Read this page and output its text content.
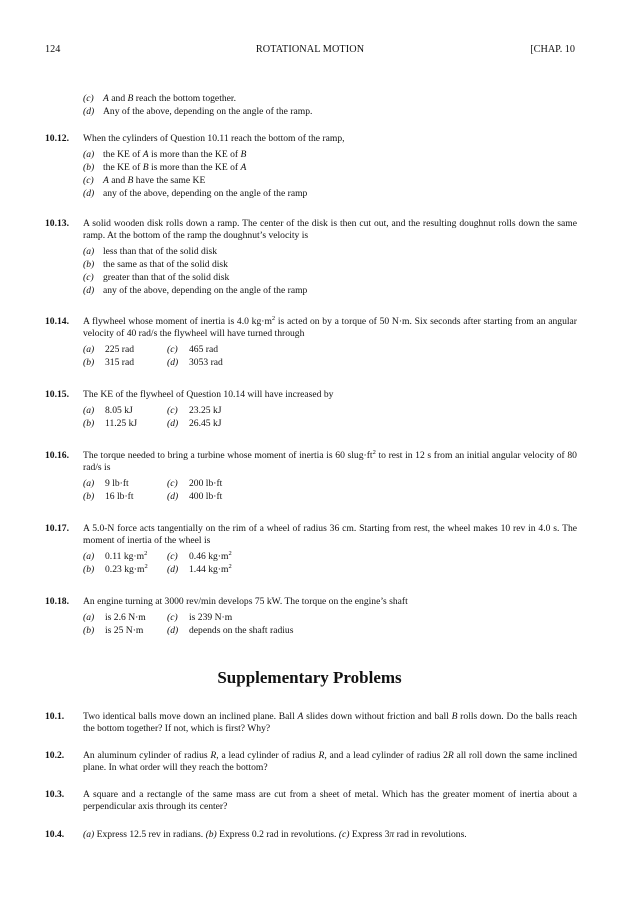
124	ROTATIONAL MOTION	[CHAP. 10
(c) A and B reach the bottom together.
(d) Any of the above, depending on the angle of the ramp.
10.12.	When the cylinders of Question 10.11 reach the bottom of the ramp,
(a) the KE of A is more than the KE of B
(b) the KE of B is more than the KE of A
(c) A and B have the same KE
(d) any of the above, depending on the angle of the ramp
10.13.	A solid wooden disk rolls down a ramp. The center of the disk is then cut out, and the resulting doughnut rolls down the same ramp. At the bottom of the ramp the doughnut’s velocity is
(a) less than that of the solid disk
(b) the same as that of the solid disk
(c) greater than that of the solid disk
(d) any of the above, depending on the angle of the ramp
10.14.	A flywheel whose moment of inertia is 4.0 $kg\cdot m^2$ is acted on by a torque of 50 N·m. Six seconds after starting from an angular velocity of 40 rad/s the flywheel will have turned through
(a) 225 rad	(c) 465 rad
(b) 315 rad	(d) 3053 rad
10.15.	The KE of the flywheel of Question 10.14 will have increased by
(a) 8.05 kJ	(c) 23.25 kJ
(b) 11.25 kJ	(d) 26.45 kJ
10.16.	The torque needed to bring a turbine whose moment of inertia is 60 $slug\cdot ft^2$ to rest in 12 s from an initial angular velocity of 80 rad/s is
(a) 9 lb·ft	(c) 200 lb·ft
(b) 16 lb·ft	(d) 400 lb·ft
10.17.	A 5.0-N force acts tangentially on the rim of a wheel of radius 36 cm. Starting from rest, the wheel makes 10 rev in 4.0 s. The moment of inertia of the wheel is
(a) 0.11 $kg\cdot m^2$ (c) 0.46 $kg\cdot m^2$
(b) 0.23 $kg\cdot m^2$ (d) 1.44 $kg\cdot m^2$
10.18.	An engine turning at 3000 rev/min develops 75 kW. The torque on the engine’s shaft
(a) is 2.6 N·m (c) is 239 N·m
(b) is 25 N·m (d) depends on the shaft radius
Supplementary Problems
10.1.	Two identical balls move down an inclined plane. Ball A slides down without friction and ball B rolls down. Do the balls reach the bottom together? If not, which is first? Why?
10.2.	An aluminum cylinder of radius R, a lead cylinder of radius R, and a lead cylinder of radius 2R all roll down the same inclined plane. In what order will they reach the bottom?
10.3.	A square and a rectangle of the same mass are cut from a sheet of metal. Which has the greater moment of inertia about a perpendicular axis through its center?
10.4.	(a) Express 12.5 rev in radians. (b) Express 0.2 rad in revolutions. (c) Express 3π rad in revolutions.
